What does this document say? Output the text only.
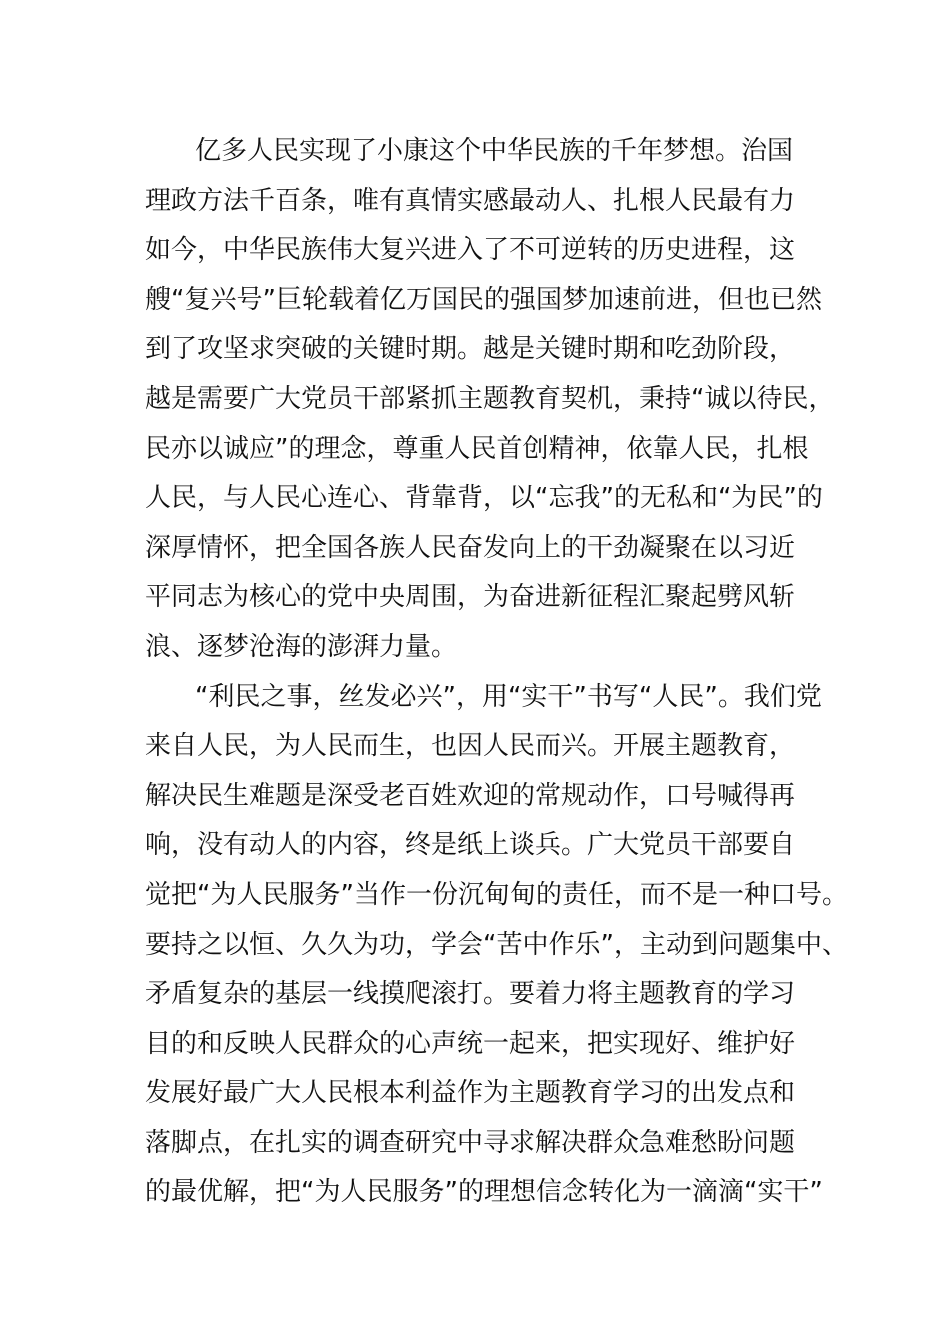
亿多人民实现了小康这个中华民族的千年梦想。治国
理政方法千百条，唯有真情实感最动人、扎根人民最有力
如今，中华民族伟大复兴进入了不可逆转的历史进程，这
艘“复兴号”巨轮载着亿万国民的强国梦加速前进，但也已然
到了攻坚求突破的关键时期。越是关键时期和吃劲阶段，
越是需要广大党员干部紧抓主题教育契机，秉持“诚以待民，
民亦以诚应”的理念，尊重人民首创精神，依靠人民，扎根
人民，与人民心连心、背靠背，以“忘我”的无私和“为民”的
深厚情怀，把全国各族人民奋发向上的干劲凝聚在以习近
平同志为核心的党中央周围，为奋进新征程汇聚起劈风斩
浪、逐梦沧海的澎湃力量。
“利民之事，丝发必兴”，用“实干”书写“人民”。我们党
来自人民，为人民而生，也因人民而兴。开展主题教育，
解决民生难题是深受老百姓欢迎的常规动作，口号喊得再
响，没有动人的内容，终是纸上谈兵。广大党员干部要自
觉把“为人民服务”当作一份沉甸甸的责任，而不是一种口号。
要持之以恒、久久为功，学会“苦中作乐”，主动到问题集中、
矛盾复杂的基层一线摸爬滚打。要着力将主题教育的学习
目的和反映人民群众的心声统一起来，把实现好、维护好
发展好最广大人民根本利益作为主题教育学习的出发点和
落脚点，在扎实的调查研究中寻求解决群众急难愁盼问题
的最优解，把“为人民服务”的理想信念转化为一滴滴“实干”
